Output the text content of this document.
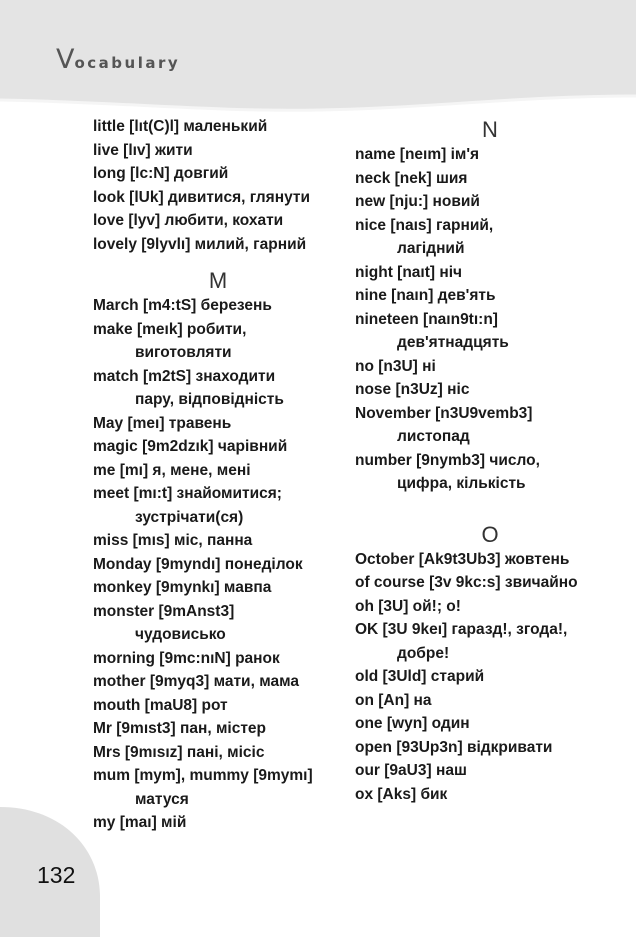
Vocabulary
little [lıt(C)l] маленький
live [lıv] жити
long [lc:N] довгий
look [lUk] дивитися, глянути
love [lyv] любити, кохати
lovely [9lyvlı] милий, гарний
M
March [m4:tS] березень
make [meık] робити,
виготовляти
match [m2tS] знаходити
пару, відповідність
May [meı] травень
magic [9m2dzık] чарівний
me [mı] я, мене, мені
meet [mı:t] знайомитися;
зустрічати(ся)
miss [mıs] міс, панна
Monday [9myndı] понеділок
monkey [9mynkı] мавпа
monster [9mAnst3]
чудовисько
morning [9mc:nıN] ранок
mother [9myq3] мати, мама
mouth [maU8] рот
Mr [9mıst3] пан, містер
Mrs [9mısız] пані, місіс
mum [mym], mummy [9mymı]
матуся
my [maı] мій
N
name [neım] ім'я
neck [nek] шия
new [nju:] новий
nice [naıs] гарний,
лагідний
night [naıt] ніч
nine [naın] дев'ять
nineteen [naın9tı:n]
дев'ятнадцять
no [n3U] ні
nose [n3Uz] ніс
November [n3U9vemb3]
листопад
number [9nymb3] число,
цифра, кількість
O
October [Ak9t3Ub3] жовтень
of course [3v 9kc:s] звичайно
oh [3U] ой!; о!
OK [3U 9keı] гаразд!, згода!,
добре!
old [3Uld] старий
on [An] на
one [wyn] один
open [93Up3n] відкривати
our [9aU3] наш
ox [Aks] бик
132
